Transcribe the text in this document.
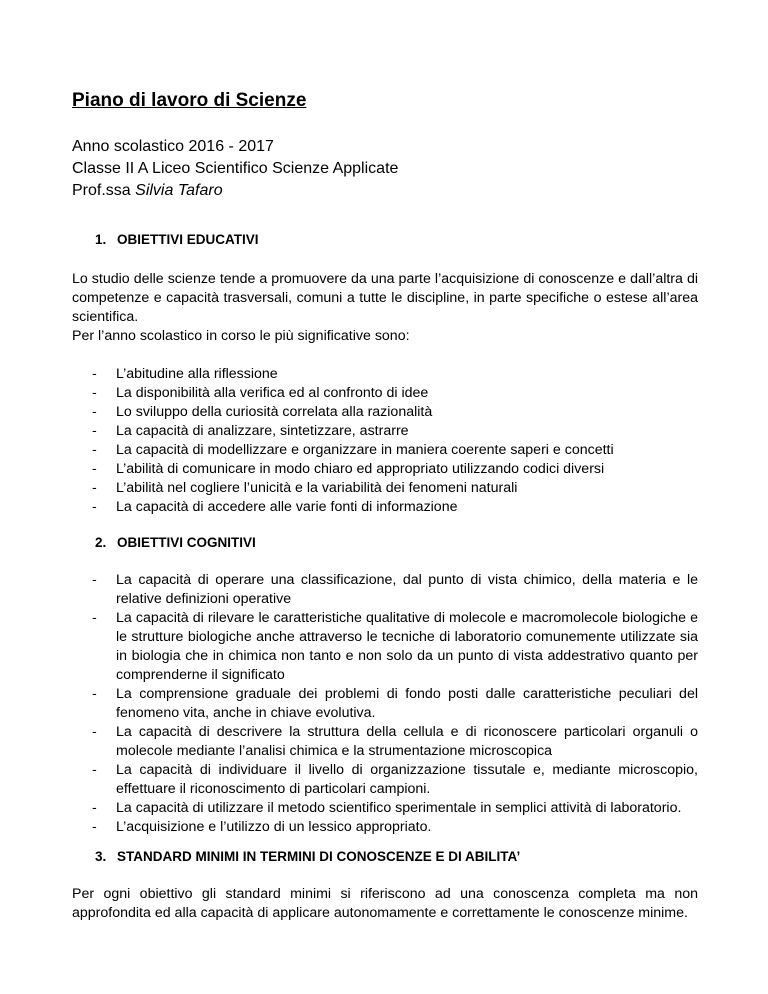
Piano di lavoro di Scienze
Anno scolastico 2016 - 2017
Classe II A Liceo Scientifico Scienze Applicate
Prof.ssa Silvia Tafaro
1. OBIETTIVI EDUCATIVI
Lo studio delle scienze tende a promuovere da una parte l’acquisizione di conoscenze e dall’altra di competenze e capacità trasversali, comuni a tutte le discipline, in parte specifiche o estese all’area scientifica.
Per l’anno scolastico in corso le più significative sono:
- L’abitudine alla riflessione
- La disponibilità alla verifica ed al confronto di idee
- Lo sviluppo della curiosità correlata alla razionalità
- La capacità di analizzare, sintetizzare, astrarre
- La capacità di modellizzare e organizzare in maniera coerente saperi e concetti
- L’abilità di comunicare in modo chiaro ed appropriato utilizzando codici diversi
- L’abilità nel cogliere l’unicità e la variabilità dei fenomeni naturali
- La capacità di accedere alle varie fonti di informazione
2. OBIETTIVI COGNITIVI
- La capacità di operare una classificazione, dal punto di vista chimico, della materia e le relative definizioni operative
- La capacità di rilevare le caratteristiche qualitative di molecole e macromolecole biologiche e le strutture biologiche anche attraverso le tecniche di laboratorio comunemente utilizzate sia in biologia che in chimica non tanto e non solo da un punto di vista addestrativo quanto per comprenderne il significato
- La comprensione graduale dei problemi di fondo posti dalle caratteristiche peculiari del fenomeno vita, anche in chiave evolutiva.
- La capacità di descrivere la struttura della cellula e di riconoscere particolari organuli o molecole mediante l’analisi chimica e la strumentazione microscopica
- La capacità di individuare il livello di organizzazione tissutale e, mediante microscopio, effettuare il riconoscimento di particolari campioni.
- La capacità di utilizzare il metodo scientifico sperimentale in semplici attività di laboratorio.
- L’acquisizione e l’utilizzo di un lessico appropriato.
3. STANDARD MINIMI IN TERMINI DI CONOSCENZE E DI ABILITA’
Per ogni obiettivo gli standard minimi si riferiscono ad una conoscenza completa ma non approfondita ed alla capacità di applicare autonomamente e correttamente le conoscenze minime.
